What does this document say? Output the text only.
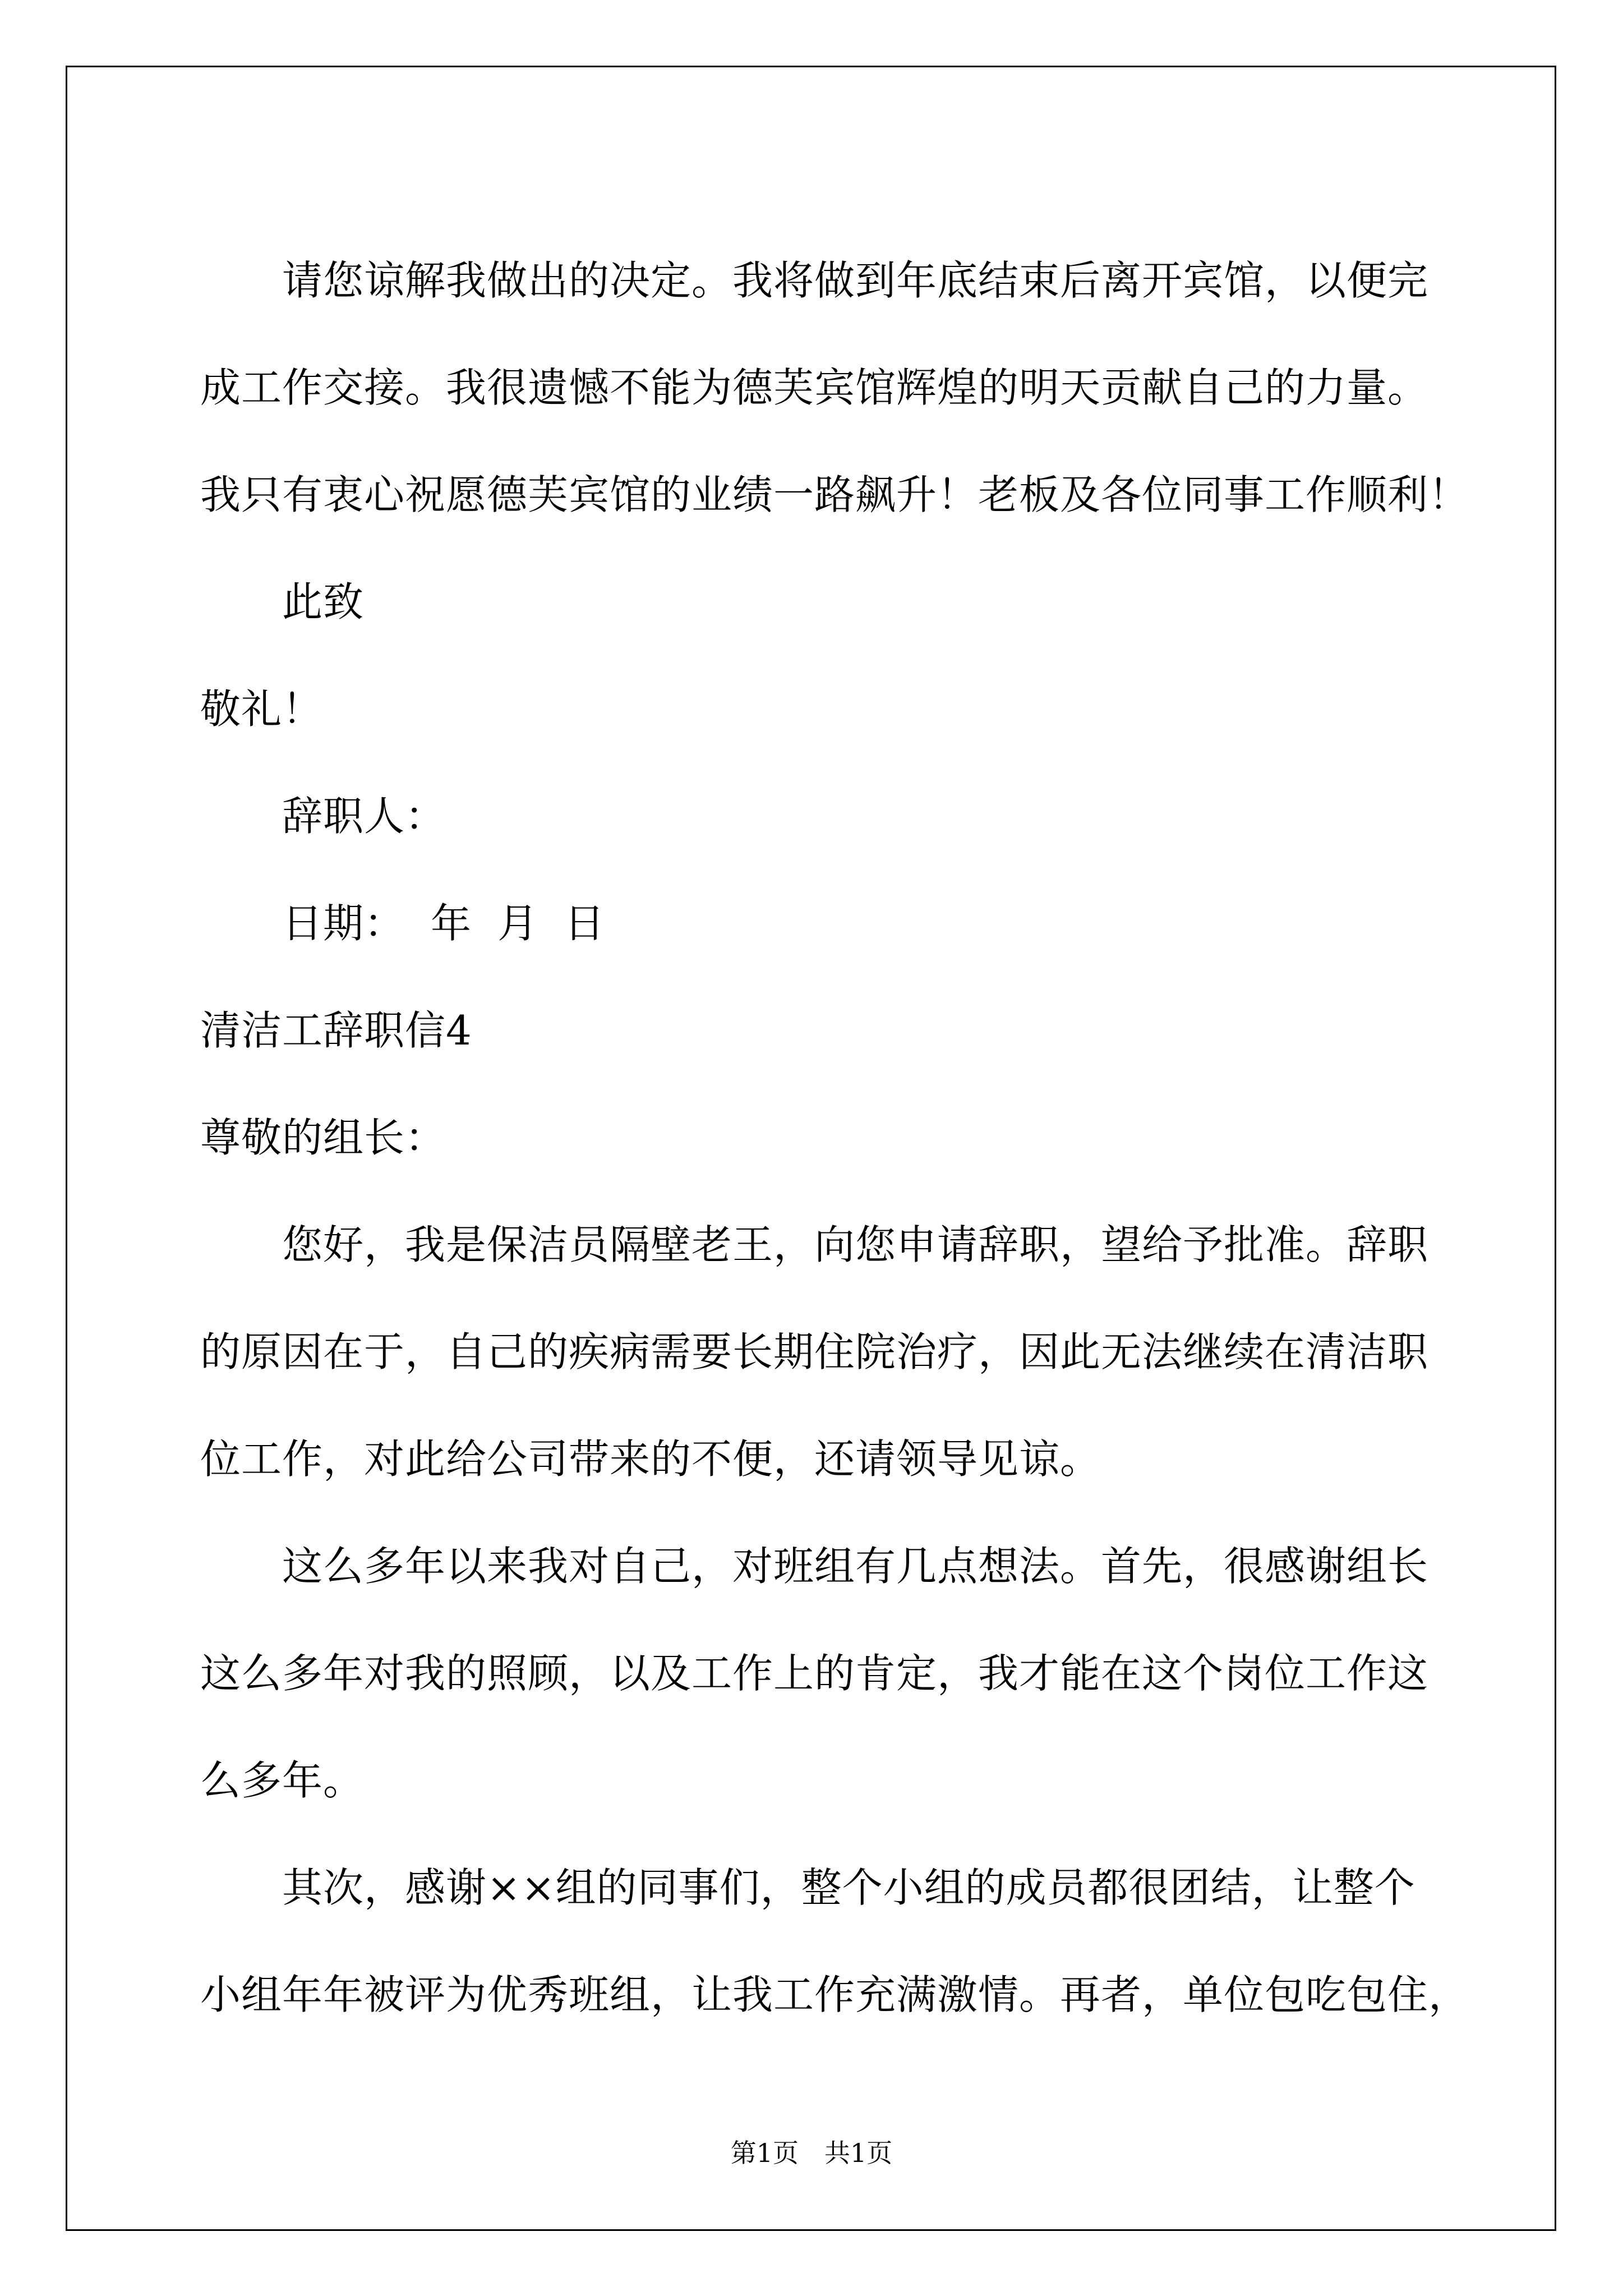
请您谅解我做出的决定。我将做到年底结束后离开宾馆，以便完
成工作交接。我很遗憾不能为德芙宾馆辉煌的明天贡献自己的力量。
我只有衷心祝愿德芙宾馆的业绩一路飙升！老板及各位同事工作顺利！
此致
敬礼！
辞职人：
日期： 年 月 日
清洁工辞职信4
尊敬的组长：
您好，我是保洁员隔壁老王，向您申请辞职，望给予批准。辞职
的原因在于，自己的疾病需要长期住院治疗，因此无法继续在清洁职
位工作，对此给公司带来的不便，还请领导见谅。
这么多年以来我对自己，对班组有几点想法。首先，很感谢组长
这么多年对我的照顾，以及工作上的肯定，我才能在这个岗位工作这
么多年。
其次，感谢××组的同事们，整个小组的成员都很团结，让整个
小组年年被评为优秀班组，让我工作充满激情。再者，单位包吃包住，
第1页　共1页
